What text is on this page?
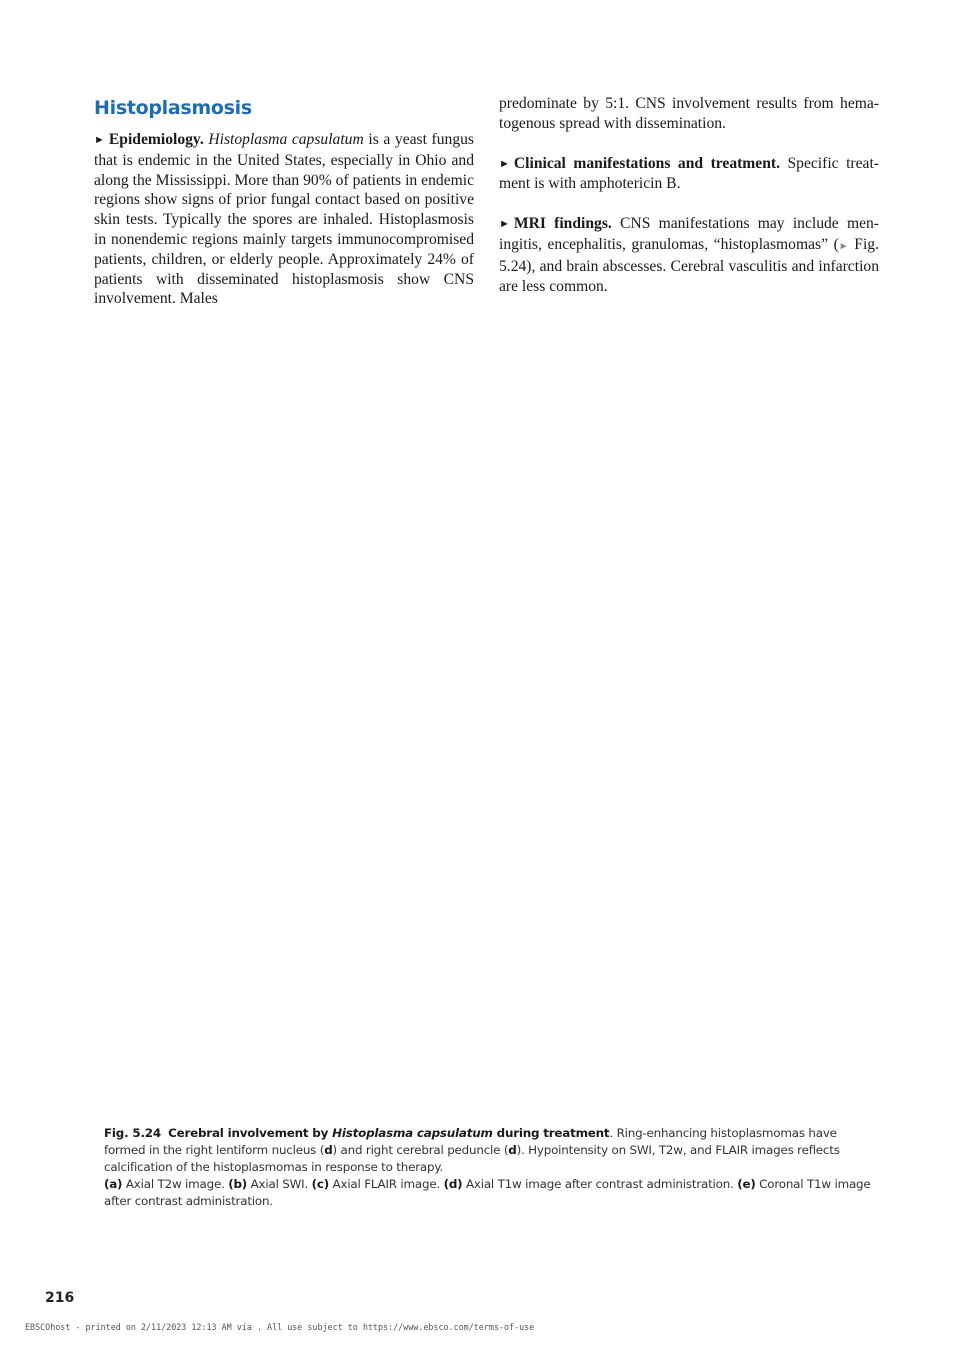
Histoplasmosis

► Epidemiology. Histoplasma capsulatum is a yeast fungus that is endemic in the United States, especially in Ohio and along the Mississippi. More than 90% of patients in endemic regions show signs of prior fungal contact based on positive skin tests. Typically the spores are inhaled. Histoplasmosis in nonendemic regions mainly targets immunocompromised patients, children, or elderly people. Approximately 24% of patients with disseminated histoplasmosis show CNS involvement. Males

predominate by 5:1. CNS involvement results from hematogenous spread with dissemination.

► Clinical manifestations and treatment. Specific treatment is with amphotericin B.

► MRI findings. CNS manifestations may include meningitis, encephalitis, granulomas, “histoplasmomas” (► Fig. 5.24), and brain abscesses. Cerebral vasculitis and infarction are less common.

Fig. 5.24 Cerebral involvement by Histoplasma capsulatum during treatment. Ring-enhancing histoplasmomas have formed in the right lentiform nucleus (d) and right cerebral peduncle (d). Hypointensity on SWI, T2w, and FLAIR images reflects calcification of the histoplasmomas in response to therapy.
(a) Axial T2w image. (b) Axial SWI. (c) Axial FLAIR image. (d) Axial T1w image after contrast administration. (e) Coronal T1w image after contrast administration.
216
EBSCOhost - printed on 2/11/2023 12:13 AM via . All use subject to https://www.ebsco.com/terms-of-use
